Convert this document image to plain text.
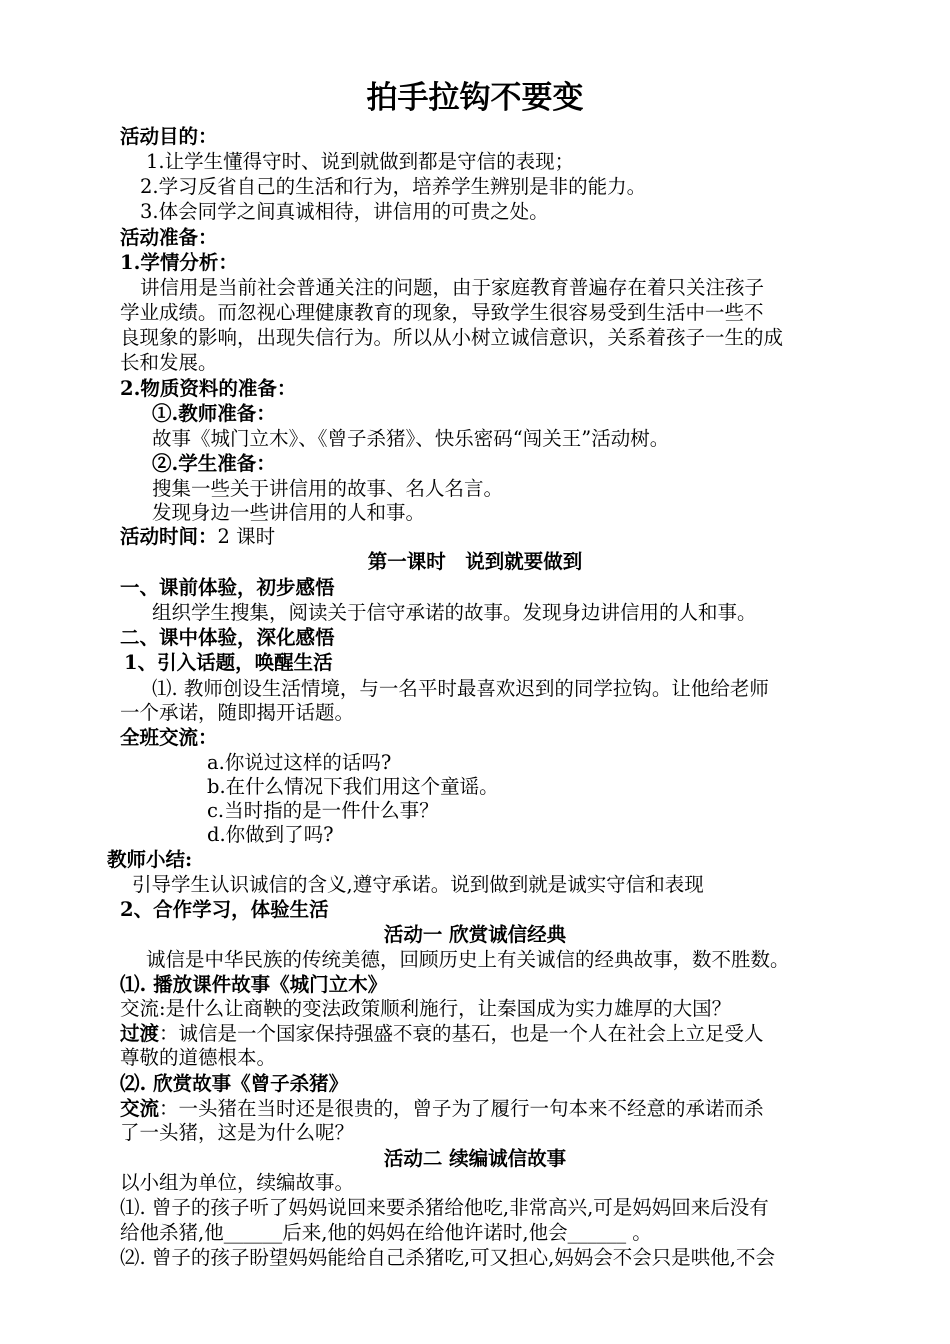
拍手拉钩不要变

活动目的：

1.让学生懂得守时、说到就做到都是守信的表现；

2.学习反省自己的生活和行为，培养学生辨别是非的能力。

3.体会同学之间真诚相待，讲信用的可贵之处。

活动准备：

1.学情分析：

讲信用是当前社会普通关注的问题，由于家庭教育普遍存在着只关注孩子

学业成绩。而忽视心理健康教育的现象，导致学生很容易受到生活中一些不

良现象的影响，出现失信行为。所以从小树立诚信意识，关系着孩子一生的成

长和发展。

2.物质资料的准备：

①.教师准备：

故事《城门立木》、《曾子杀猪》、快乐密码“闯关王”活动树。

②.学生准备：

搜集一些关于讲信用的故事、名人名言。

发现身边一些讲信用的人和事。

活动时间：2 课时

第一课时　说到就要做到

一、课前体验，初步感悟

组织学生搜集，阅读关于信守承诺的故事。发现身边讲信用的人和事。

二、课中体验，深化感悟

1、引入话题，唤醒生活

⑴. 教师创设生活情境，与一名平时最喜欢迟到的同学拉钩。让他给老师

一个承诺，随即揭开话题。

全班交流：

a.你说过这样的话吗?

b.在什么情况下我们用这个童谣。

c.当时指的是一件什么事？

d.你做到了吗?

教师小结:

引导学生认识诚信的含义,遵守承诺。说到做到就是诚实守信和表现

2、合作学习，体验生活

活动一 欣赏诚信经典

诚信是中华民族的传统美德，回顾历史上有关诚信的经典故事，数不胜数。

⑴. 播放课件故事《城门立木》

交流:是什么让商鞅的变法政策顺利施行，让秦国成为实力雄厚的大国？

过渡：诚信是一个国家保持强盛不衰的基石，也是一个人在社会上立足受人

尊敬的道德根本。

⑵. 欣赏故事《曾子杀猪》

交流：一头猪在当时还是很贵的，曾子为了履行一句本来不经意的承诺而杀

了一头猪，这是为什么呢？

活动二 续编诚信故事

以小组为单位，续编故事。

⑴. 曾子的孩子听了妈妈说回来要杀猪给他吃,非常高兴,可是妈妈回来后没有

给他杀猪,他______后来,他的妈妈在给他许诺时,他会______ 。

⑵. 曾子的孩子盼望妈妈能给自己杀猪吃,可又担心,妈妈会不会只是哄他,不会
